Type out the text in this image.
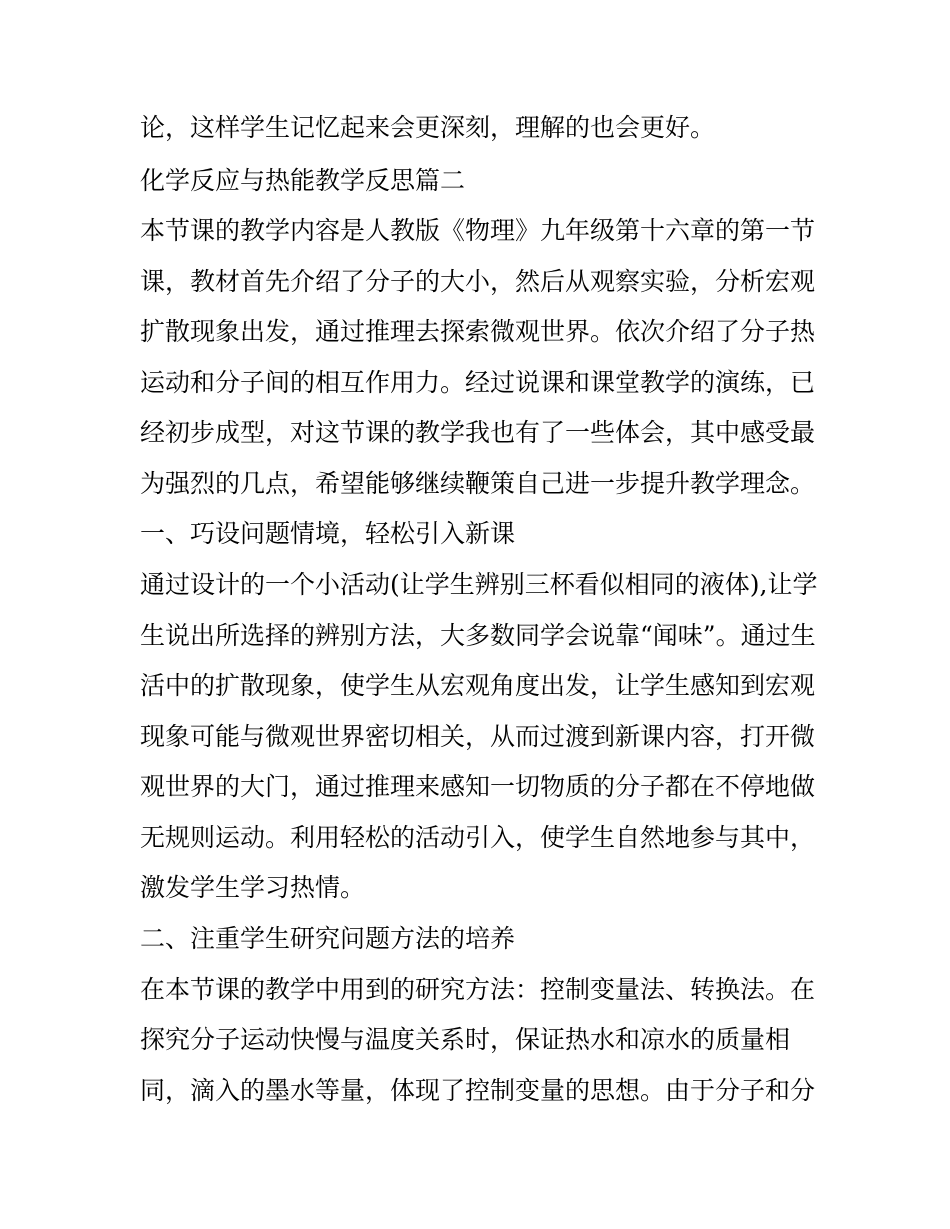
论，这样学生记忆起来会更深刻，理解的也会更好。
化学反应与热能教学反思篇二
本节课的教学内容是人教版《物理》九年级第十六章的第一节
课，教材首先介绍了分子的大小，然后从观察实验，分析宏观
扩散现象出发，通过推理去探索微观世界。依次介绍了分子热
运动和分子间的相互作用力。经过说课和课堂教学的演练，已
经初步成型，对这节课的教学我也有了一些体会，其中感受最
为强烈的几点，希望能够继续鞭策自己进一步提升教学理念。
一、巧设问题情境，轻松引入新课
通过设计的一个小活动(让学生辨别三杯看似相同的液体),让学
生说出所选择的辨别方法，大多数同学会说靠“闻味”。通过生
活中的扩散现象，使学生从宏观角度出发，让学生感知到宏观
现象可能与微观世界密切相关，从而过渡到新课内容，打开微
观世界的大门，通过推理来感知一切物质的分子都在不停地做
无规则运动。利用轻松的活动引入，使学生自然地参与其中，
激发学生学习热情。
二、注重学生研究问题方法的培养
在本节课的教学中用到的研究方法：控制变量法、转换法。在
探究分子运动快慢与温度关系时，保证热水和凉水的质量相
同，滴入的墨水等量，体现了控制变量的思想。由于分子和分
